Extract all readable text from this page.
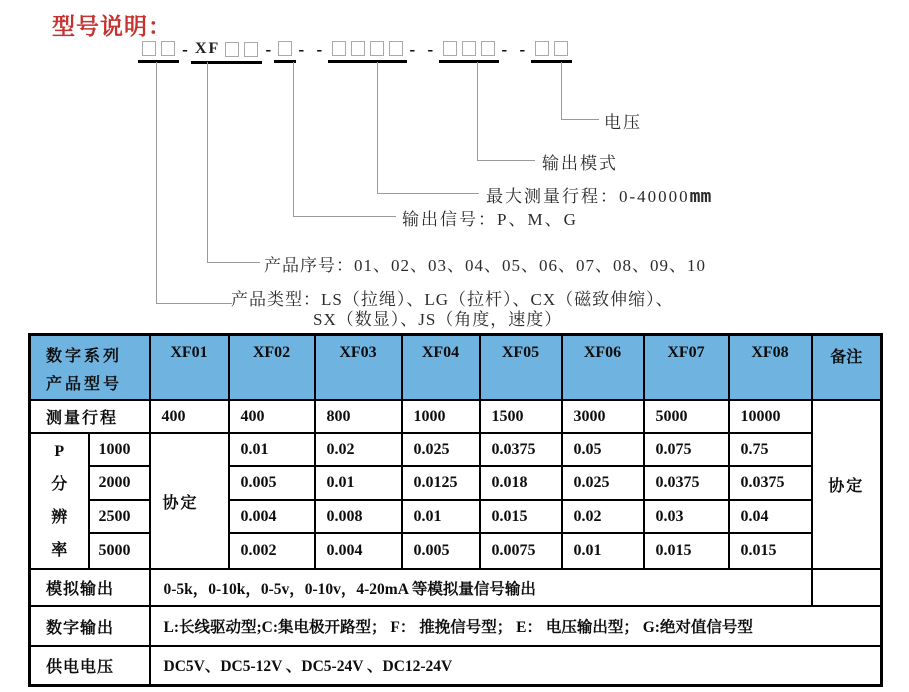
型号说明：
- XF	- - -	- -	- -
电压
输出模式
最大测量行程：0-40000mm
输出信号：P、M、G
产品序号：01、02、03、04、05、06、07、08、09、10
产品类型：LS（拉绳）、LG（拉杆）、CX（磁致伸缩）、
SX（数显）、JS（角度，速度）
数字系列
产品型号		XF01	XF02	XF03	XF04	XF05	XF06	XF07	XF08	备注
测量行程		400	400	800	1000	1500	3000	5000	10000	协定

P
分
辨
率	1000	协定	0.01	0.02	0.025	0.0375	0.05	0.075	0.75	
	2000		0.005	0.01	0.0125	0.018	0.025	0.0375	0.0375	
	2500		0.004	0.008	0.01	0.015	0.02	0.03	0.04	
	5000		0.002	0.004	0.005	0.0075	0.01	0.015	0.015	
模拟输出		0-5k，0-10k，0-5v，0-10v，4-20mA 等模拟量信号输出								
数字输出		L:长线驱动型;C:集电极开路型； F： 推挽信号型； E： 电压输出型； G:绝对值信号型								
供电电压		DC5V、DC5-12V 、DC5-24V 、DC12-24V								
